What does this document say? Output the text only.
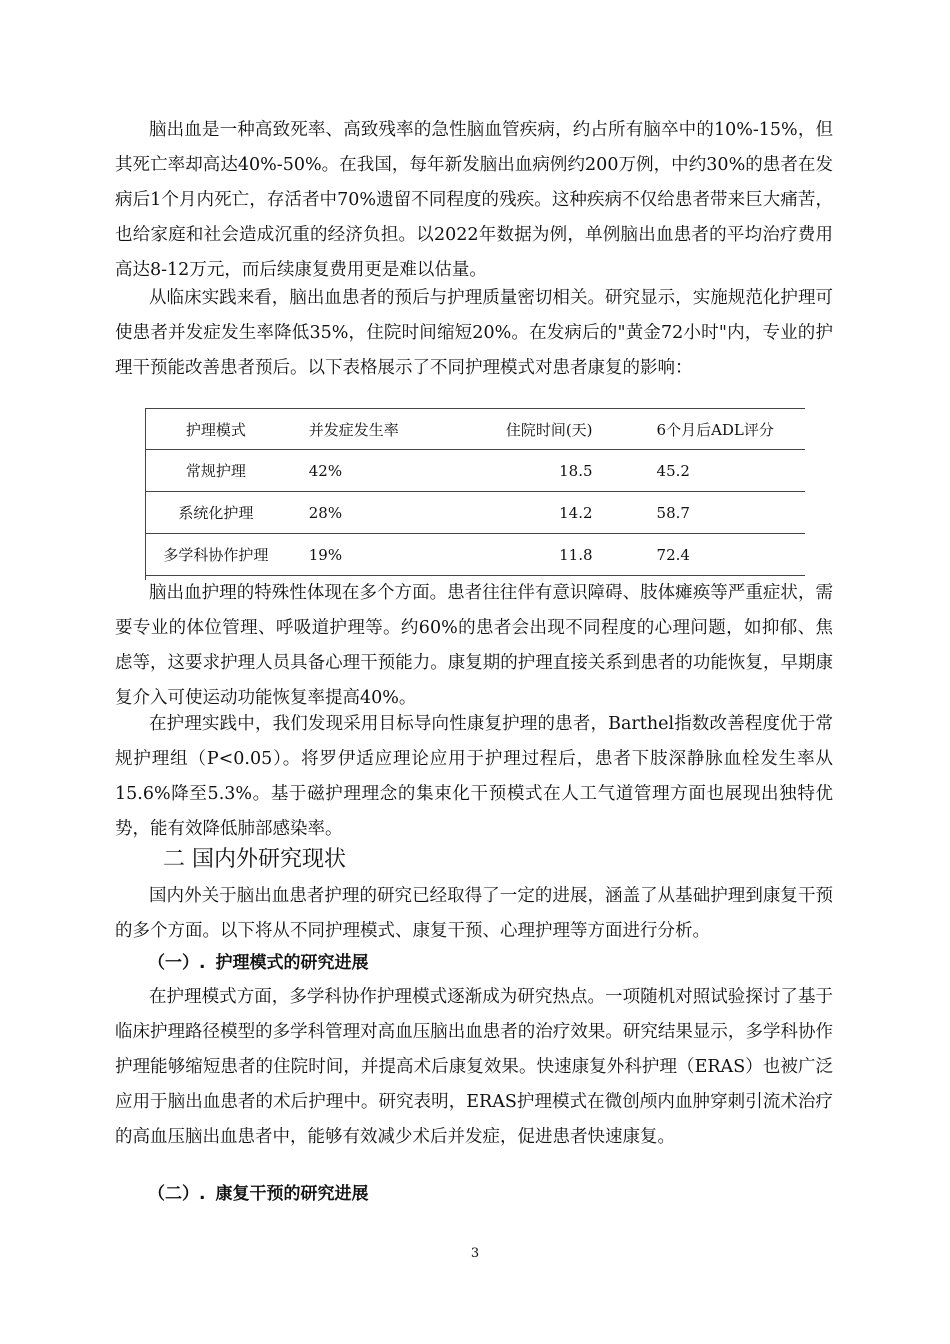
脑出血是一种高致死率、高致残率的急性脑血管疾病，约占所有脑卒中的10%-15%，但其死亡率却高达40%-50%。在我国，每年新发脑出血病例约200万例，中约30%的患者在发病后1个月内死亡，存活者中70%遗留不同程度的残疾。这种疾病不仅给患者带来巨大痛苦，也给家庭和社会造成沉重的经济负担。以2022年数据为例，单例脑出血患者的平均治疗费用高达8-12万元，而后续康复费用更是难以估量。

从临床实践来看，脑出血患者的预后与护理质量密切相关。研究显示，实施规范化护理可使患者并发症发生率降低35%，住院时间缩短20%。在发病后的"黄金72小时"内，专业的护理干预能改善患者预后。以下表格展示了不同护理模式对患者康复的影响：

护理模式	并发症发生率	住院时间(天)	6个月后ADL评分
常规护理	42%	18.5	45.2
系统化护理	28%	14.2	58.7
多学科协作护理	19%	11.8	72.4

脑出血护理的特殊性体现在多个方面。患者往往伴有意识障碍、肢体瘫痪等严重症状，需要专业的体位管理、呼吸道护理等。约60%的患者会出现不同程度的心理问题，如抑郁、焦虑等，这要求护理人员具备心理干预能力。康复期的护理直接关系到患者的功能恢复，早期康复介入可使运动功能恢复率提高40%。

在护理实践中，我们发现采用目标导向性康复护理的患者，Barthel指数改善程度优于常规护理组（P<0.05）。将罗伊适应理论应用于护理过程后，患者下肢深静脉血栓发生率从15.6%降至5.3%。基于磁护理理念的集束化干预模式在人工气道管理方面也展现出独特优势，能有效降低肺部感染率。

二 国内外研究现状

国内外关于脑出血患者护理的研究已经取得了一定的进展，涵盖了从基础护理到康复干预的多个方面。以下将从不同护理模式、康复干预、心理护理等方面进行分析。

（一）. 护理模式的研究进展

在护理模式方面，多学科协作护理模式逐渐成为研究热点。一项随机对照试验探讨了基于临床护理路径模型的多学科管理对高血压脑出血患者的治疗效果。研究结果显示，多学科协作护理能够缩短患者的住院时间，并提高术后康复效果。快速康复外科护理（ERAS）也被广泛应用于脑出血患者的术后护理中。研究表明，ERAS护理模式在微创颅内血肿穿刺引流术治疗的高血压脑出血患者中，能够有效减少术后并发症，促进患者快速康复。

（二）. 康复干预的研究进展
3
